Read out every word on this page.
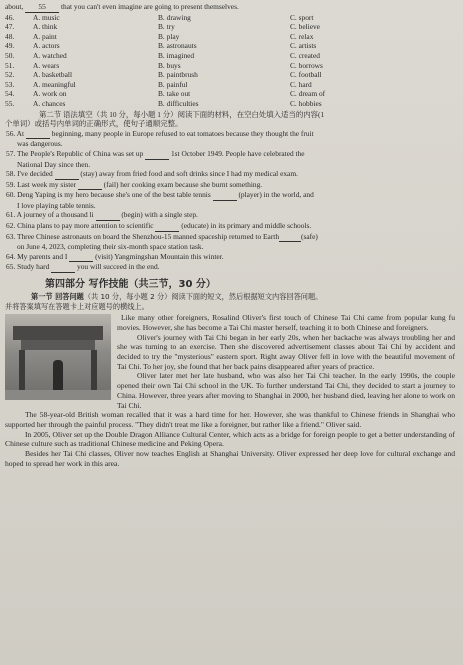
about, 55 that you can't even imagine are going to present themselves.
46.	A. music	B. drawing	C. sport
47.	A. think	B. try	C. believe
48.	A. paint	B. play	C. relax
49.	A. actors	B. astronauts	C. artists
50.	A. watched	B. imagined	C. created
51.	A. wears	B. buys	C. borrows
52.	A. basketball	B. paintbrush	C. football
53.	A. meaningful	B. painful	C. hard
54.	A. work on	B. take out	C. dream of
55.	A. chances	B. difficulties	C. hobbies
第二节 语法填空（共 10 分，每小题 1 分）阅读下面的材料，在空白处填入适当的内容(1
个单词）或括号内单词的正确形式，使句子通顺完整。
56. At	beginning, many people in Europe refused to eat tomatoes because they thought the fruit
was dangerous.
57. The People's Republic of China was set up	1st October 1949. People have celebrated the
National Day since then.
58. I've decided	(stay) away from fried food and soft drinks since I had my medical exam.
59. Last week my sister	(fail) her cooking exam because she burnt something.
60. Deng Yaping is my hero because she's one of the best table tennis	(player) in the world, and
I love playing table tennis.
61. A journey of a thousand li	(begin) with a single step.
62. China plans to pay more attention to scientific	(educate) in its primary and middle schools.
63. Three Chinese astronauts on board the Shenzhou-15 manned spaceship returned to Earth	(safe)
on June 4, 2023, completing their six-month space station task.
64. My parents and I	(visit) Yangmingshan Mountain this winter.
65. Study hard	you will succeed in the end.
第四部分 写作技能（共三节，30 分）
第一节 回答问题（共 10 分，每小题 2 分）阅读下面的短文，然后根据短文内容回答问题。
并将答案填写在答题卡上对应题号的横线上。

Like many other foreigners, Rosalind Oliver's first touch of Chinese Tai Chi came from popular kung fu movies. However, she has become a Tai Chi master herself, teaching it to both Chinese and foreigners.

Oliver's journey with Tai Chi began in her early 20s, when her backache was always troubling her and she was turning to an exercise. Then she discovered advertisement classes about Tai Chi by accident and decided to try the "mysterious" eastern sport. Right away Oliver fell in love with the beautiful movement of Tai Chi. To her joy, she found that her back pains disappeared after years of practice.

Oliver later met her late husband, who was also her Tai Chi teacher. In the early 1990s, the couple opened their own Tai Chi school in the UK. To further understand Tai Chi, they decided to start a journey to China. However, three years after moving to Shanghai in 2000, her husband died, leaving her alone to work on Tai Chi.

The 58-year-old British woman recalled that it was a hard time for her. However, she was thankful to Chinese friends in Shanghai who supported her through the painful process. "They didn't treat me like a foreigner, but rather like a friend." Oliver said.

In 2005, Oliver set up the Double Dragon Alliance Cultural Center, which acts as a bridge for foreign people to get a better understanding of Chinese culture such as traditional Chinese medicine and Peking Opera.

Besides her Tai Chi classes, Oliver now teaches English at Shanghai University. Oliver expressed her deep love for cultural exchange and hoped to spread her work in this area.
